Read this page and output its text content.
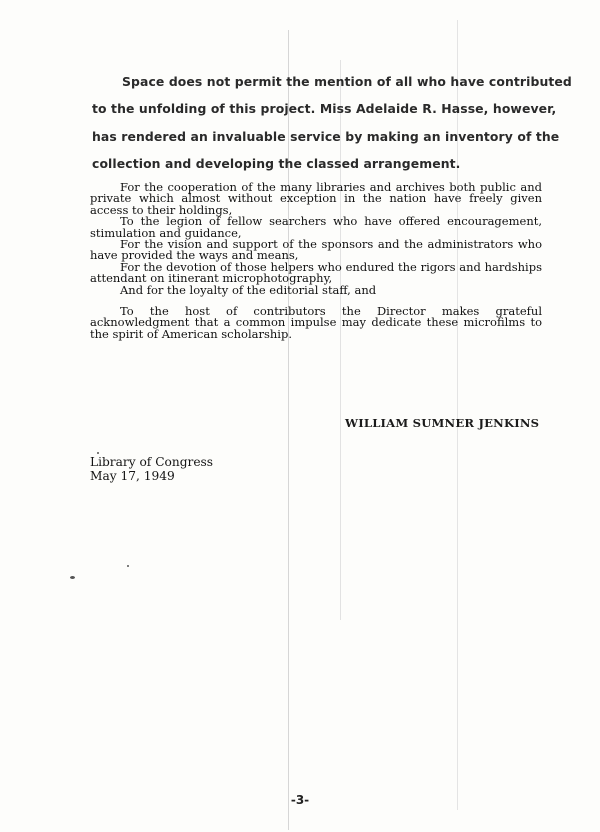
Space does not permit the mention of all who have contributed
to the unfolding of this project. Miss Adelaide R. Hasse, however,
has rendered an invaluable service by making an inventory of the
collection and developing the classed arrangement.

For the cooperation of the many libraries and archives both public and private which almost without exception in the nation have freely given access to their holdings,

To the legion of fellow searchers who have offered encouragement, stimulation and guidance,

For the vision and support of the sponsors and the administrators who have provided the ways and means,

For the devotion of those helpers who endured the rigors and hardships attendant on itinerant microphotography,

And for the loyalty of the editorial staff, and

To the host of contributors the Director makes grateful acknowledgment that a common impulse may dedicate these microfilms to the spirit of American scholarship.

WILLIAM SUMNER JENKINS
Library of Congress
May 17, 1949
-3-
